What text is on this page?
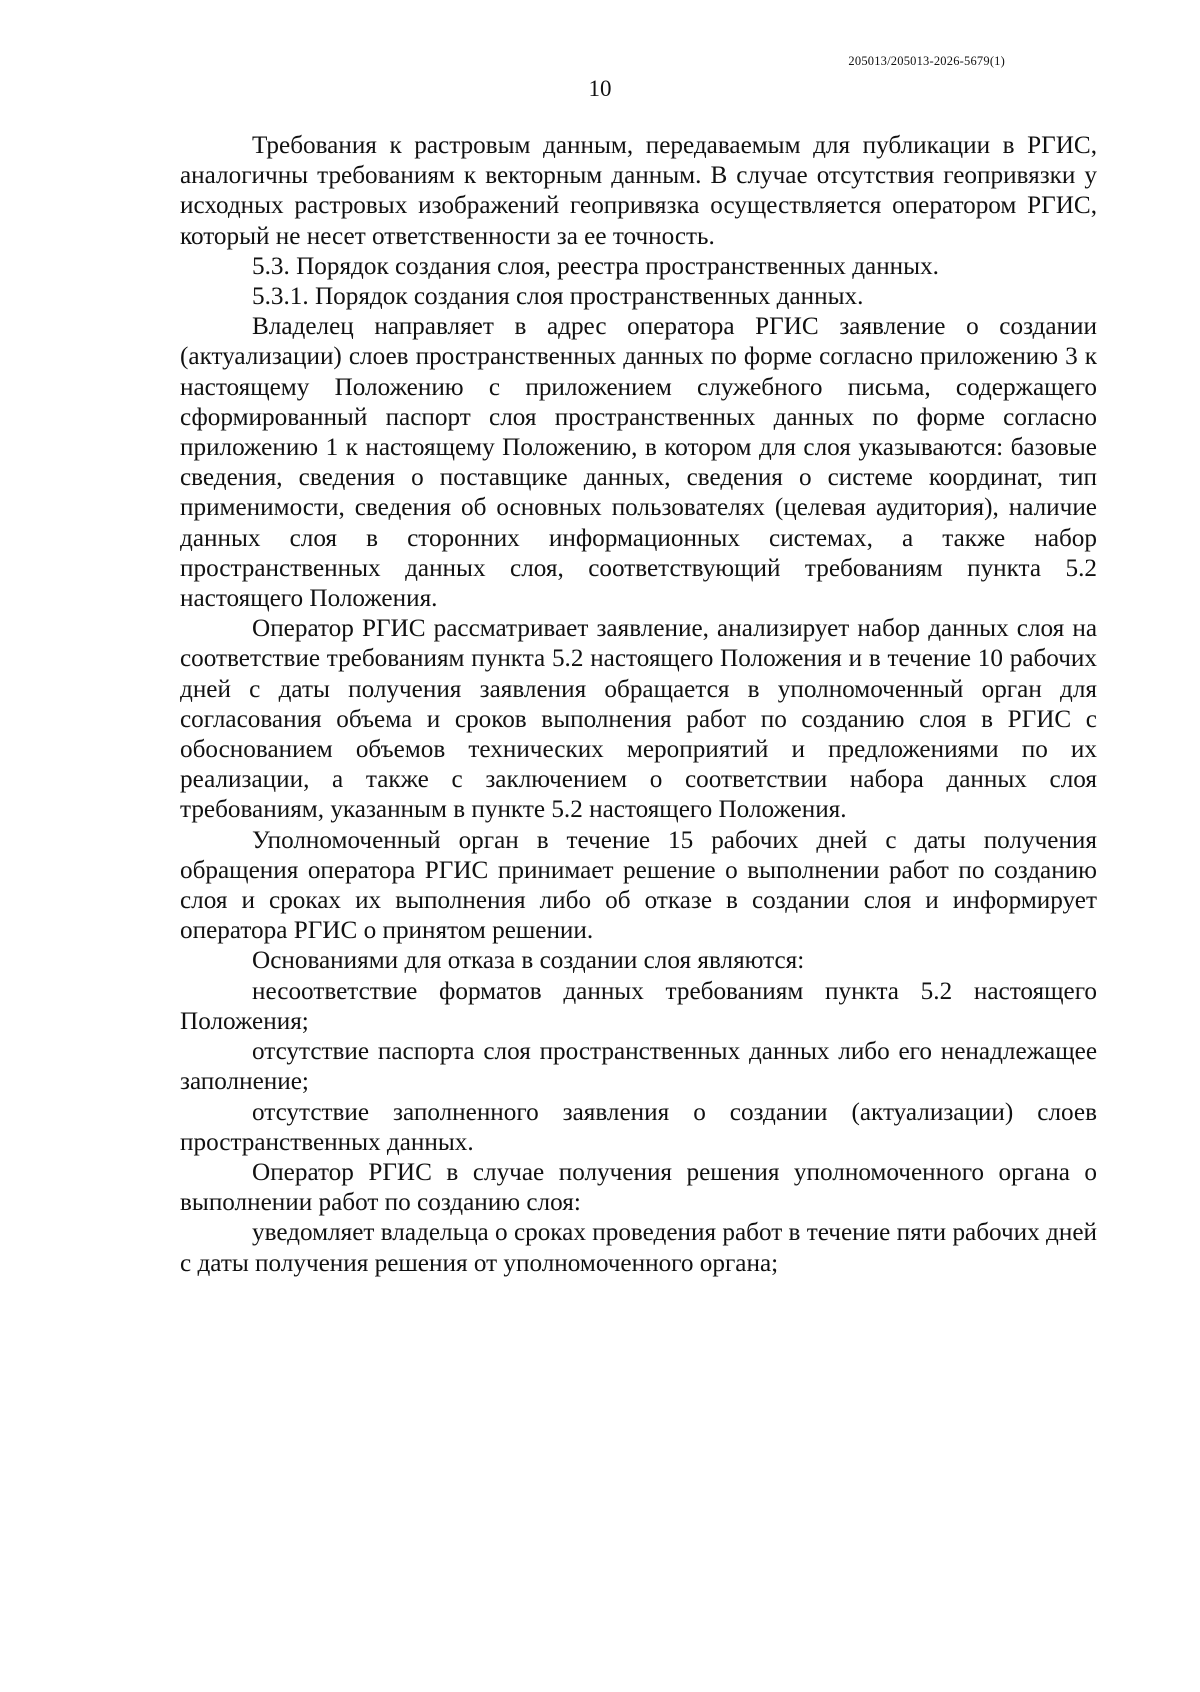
205013/205013-2026-5679(1)
10

Требования к растровым данным, передаваемым для публикации в РГИС, аналогичны требованиям к векторным данным. В случае отсутствия геопривязки у исходных растровых изображений геопривязка осуществляется оператором РГИС, который не несет ответственности за ее точность.

5.3. Порядок создания слоя, реестра пространственных данных.

5.3.1. Порядок создания слоя пространственных данных.

Владелец направляет в адрес оператора РГИС заявление о создании (актуализации) слоев пространственных данных по форме согласно приложению 3 к настоящему Положению с приложением служебного письма, содержащего сформированный паспорт слоя пространственных данных по форме согласно приложению 1 к настоящему Положению, в котором для слоя указываются: базовые сведения, сведения о поставщике данных, сведения о системе координат, тип применимости, сведения об основных пользователях (целевая аудитория), наличие данных слоя в сторонних информационных системах, а также набор пространственных данных слоя, соответствующий требованиям пункта 5.2 настоящего Положения.

Оператор РГИС рассматривает заявление, анализирует набор данных слоя на соответствие требованиям пункта 5.2 настоящего Положения и в течение 10 рабочих дней с даты получения заявления обращается в уполномоченный орган для согласования объема и сроков выполнения работ по созданию слоя в РГИС с обоснованием объемов технических мероприятий и предложениями по их реализации, а также с заключением о соответствии набора данных слоя требованиям, указанным в пункте 5.2 настоящего Положения.

Уполномоченный орган в течение 15 рабочих дней с даты получения обращения оператора РГИС принимает решение о выполнении работ по созданию слоя и сроках их выполнения либо об отказе в создании слоя и информирует оператора РГИС о принятом решении.

Основаниями для отказа в создании слоя являются:

несоответствие форматов данных требованиям пункта 5.2 настоящего Положения;

отсутствие паспорта слоя пространственных данных либо его ненадлежащее заполнение;

отсутствие заполненного заявления о создании (актуализации) слоев пространственных данных.

Оператор РГИС в случае получения решения уполномоченного органа о выполнении работ по созданию слоя:

уведомляет владельца о сроках проведения работ в течение пяти рабочих дней с даты получения решения от уполномоченного органа;
